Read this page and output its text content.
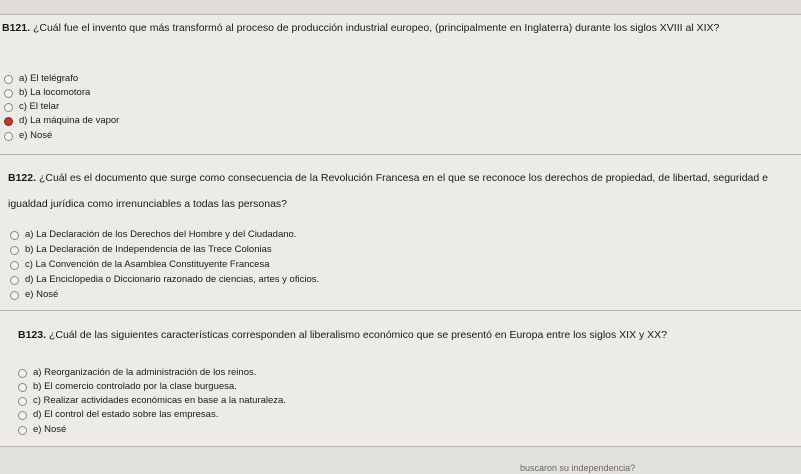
B121. ¿Cuál fue el invento que más transformó al proceso de producción industrial europeo, (principalmente en Inglaterra) durante los siglos XVIII al XIX?
a) El telégrafo
b) La locomotora
c) El telar
d) La máquina de vapor
e) Nosé
B122. ¿Cuál es el documento que surge como consecuencia de la Revolución Francesa en el que se reconoce los derechos de propiedad, de libertad, seguridad e
igualdad jurídica como irrenunciables a todas las personas?
a) La Declaración de los Derechos del Hombre y del Ciudadano.
b) La Declaración de Independencia de las Trece Colonias
c) La Convención de la Asamblea Constituyente Francesa
d) La Enciclopedia o Diccionario razonado de ciencias, artes y oficios.
e) Nosé
B123. ¿Cuál de las siguientes características corresponden al liberalismo económico que se presentó en Europa entre los siglos XIX y XX?
a) Reorganización de la administración de los reinos.
b) El comercio controlado por la clase burguesa.
c) Realizar actividades económicas en base a la naturaleza.
d) El control del estado sobre las empresas.
e) Nosé
buscaron su independencia?
